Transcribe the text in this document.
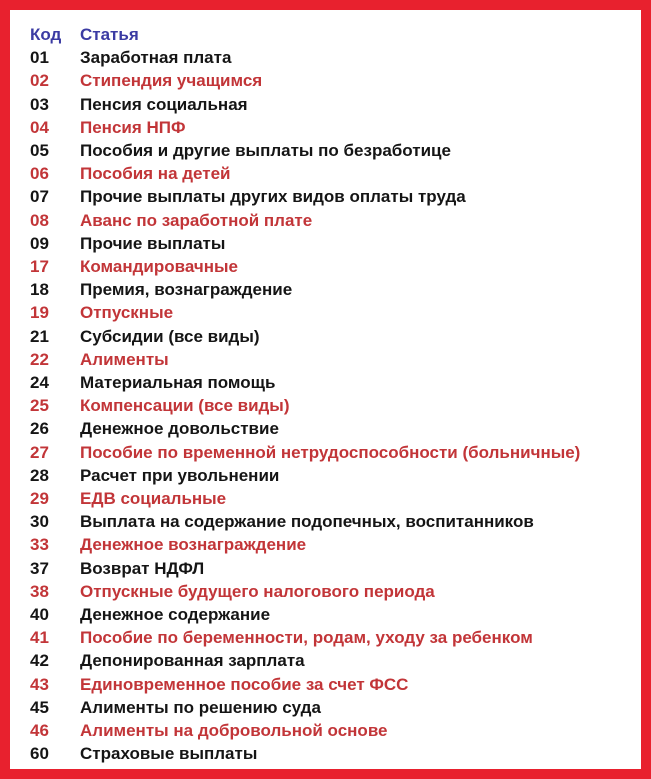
Код	Статья
01	Заработная плата
02	Стипендия учащимся
03	Пенсия социальная
04	Пенсия НПФ
05	Пособия и другие выплаты по безработице
06	Пособия на детей
07	Прочие выплаты других видов оплаты труда
08	Аванс по заработной плате
09	Прочие выплаты
17	Командировачные
18	Премия, вознаграждение
19	Отпускные
21	Субсидии (все виды)
22	Алименты
24	Материальная помощь
25	Компенсации (все виды)
26	Денежное довольствие
27	Пособие по временной нетрудоспособности (больничные)
28	Расчет при увольнении
29	ЕДВ социальные
30	Выплата на содержание подопечных, воспитанников
33	Денежное вознаграждение
37	Возврат НДФЛ
38	Отпускные будущего налогового периода
40	Денежное содержание
41	Пособие по беременности, родам, уходу за ребенком
42	Депонированная зарплата
43	Единовременное пособие за счет ФСС
45	Алименты по решению суда
46	Алименты на добровольной основе
60	Страховые выплаты
